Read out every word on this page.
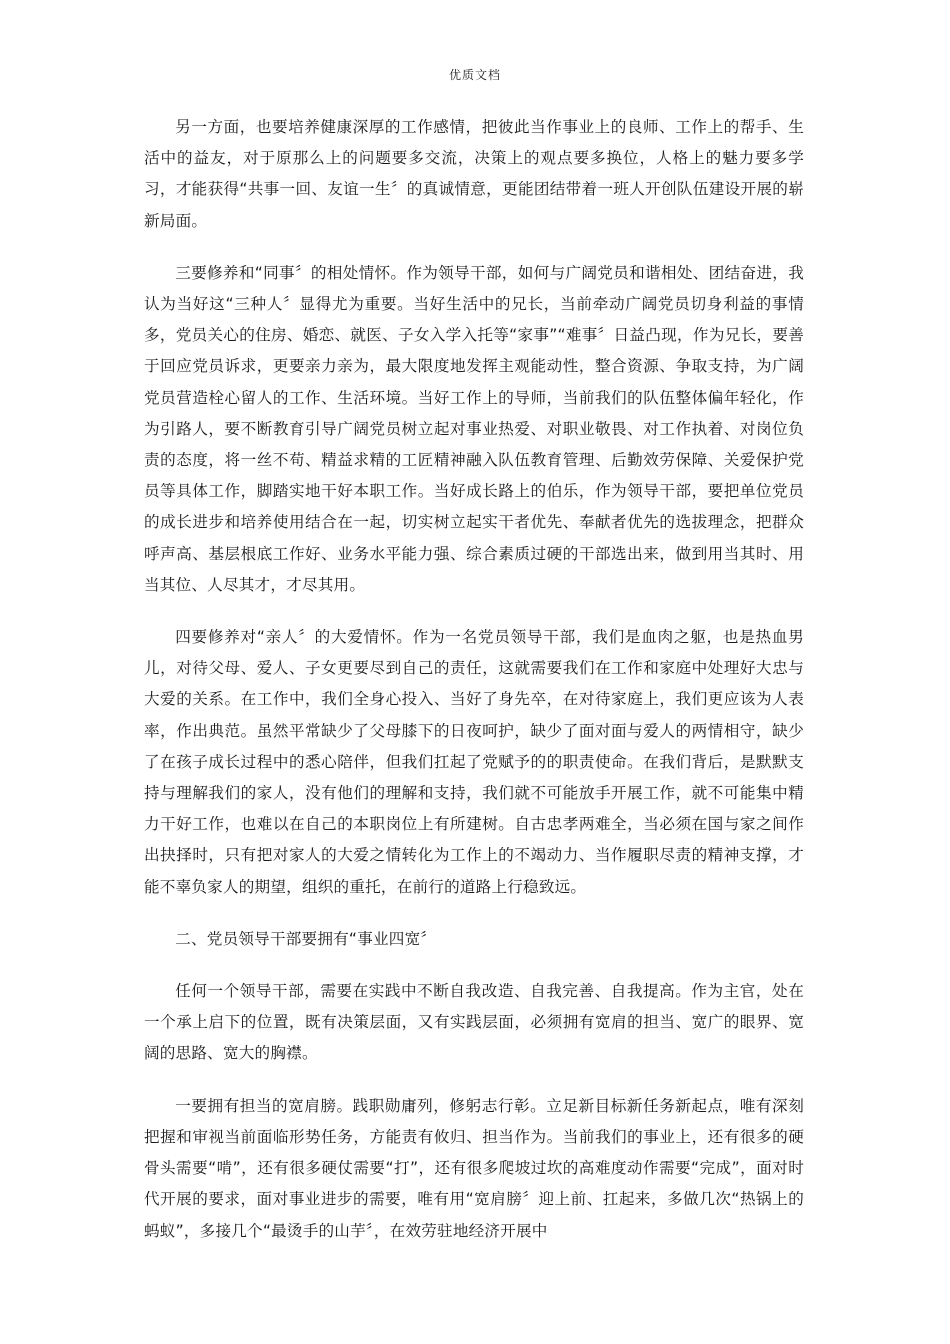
优质文档

另一方面，也要培养健康深厚的工作感情，把彼此当作事业上的良师、工作上的帮手、生活中的益友，对于原那么上的问题要多交流，决策上的观点要多换位，人格上的魅力要多学习，才能获得“共事一回、友谊一生〞的真诚情意，更能团结带着一班人开创队伍建设开展的崭新局面。

三要修养和“同事〞的相处情怀。作为领导干部，如何与广阔党员和谐相处、团结奋进，我认为当好这“三种人〞显得尤为重要。当好生活中的兄长，当前牵动广阔党员切身利益的事情多，党员关心的住房、婚恋、就医、子女入学入托等“家事”“难事〞日益凸现，作为兄长，要善于回应党员诉求，更要亲力亲为，最大限度地发挥主观能动性，整合资源、争取支持，为广阔党员营造栓心留人的工作、生活环境。当好工作上的导师，当前我们的队伍整体偏年轻化，作为引路人，要不断教育引导广阔党员树立起对事业热爱、对职业敬畏、对工作执着、对岗位负责的态度，将一丝不苟、精益求精的工匠精神融入队伍教育管理、后勤效劳保障、关爱保护党员等具体工作，脚踏实地干好本职工作。当好成长路上的伯乐，作为领导干部，要把单位党员的成长进步和培养使用结合在一起，切实树立起实干者优先、奉献者优先的选拔理念，把群众呼声高、基层根底工作好、业务水平能力强、综合素质过硬的干部选出来，做到用当其时、用当其位、人尽其才，才尽其用。

四要修养对“亲人〞的大爱情怀。作为一名党员领导干部，我们是血肉之躯，也是热血男儿，对待父母、爱人、子女更要尽到自己的责任，这就需要我们在工作和家庭中处理好大忠与大爱的关系。在工作中，我们全身心投入、当好了身先卒，在对待家庭上，我们更应该为人表率，作出典范。虽然平常缺少了父母膝下的日夜呵护，缺少了面对面与爱人的两情相守，缺少了在孩子成长过程中的悉心陪伴，但我们扛起了党赋予的的职责使命。在我们背后，是默默支持与理解我们的家人，没有他们的理解和支持，我们就不可能放手开展工作，就不可能集中精力干好工作，也难以在自己的本职岗位上有所建树。自古忠孝两难全，当必须在国与家之间作出抉择时，只有把对家人的大爱之情转化为工作上的不竭动力、当作履职尽责的精神支撑，才能不辜负家人的期望，组织的重托，在前行的道路上行稳致远。

二、党员领导干部要拥有“事业四宽〞

任何一个领导干部，需要在实践中不断自我改造、自我完善、自我提高。作为主官，处在一个承上启下的位置，既有决策层面，又有实践层面，必须拥有宽肩的担当、宽广的眼界、宽阔的思路、宽大的胸襟。

一要拥有担当的宽肩膀。践职勋庸列，修躬志行彰。立足新目标新任务新起点，唯有深刻把握和审视当前面临形势任务，方能责有攸归、担当作为。当前我们的事业上，还有很多的硬骨头需要“啃”，还有很多硬仗需要“打”，还有很多爬坡过坎的高难度动作需要“完成”，面对时代开展的要求，面对事业进步的需要，唯有用“宽肩膀〞迎上前、扛起来，多做几次“热锅上的蚂蚁”，多接几个“最烫手的山芋〞，在效劳驻地经济开展中
